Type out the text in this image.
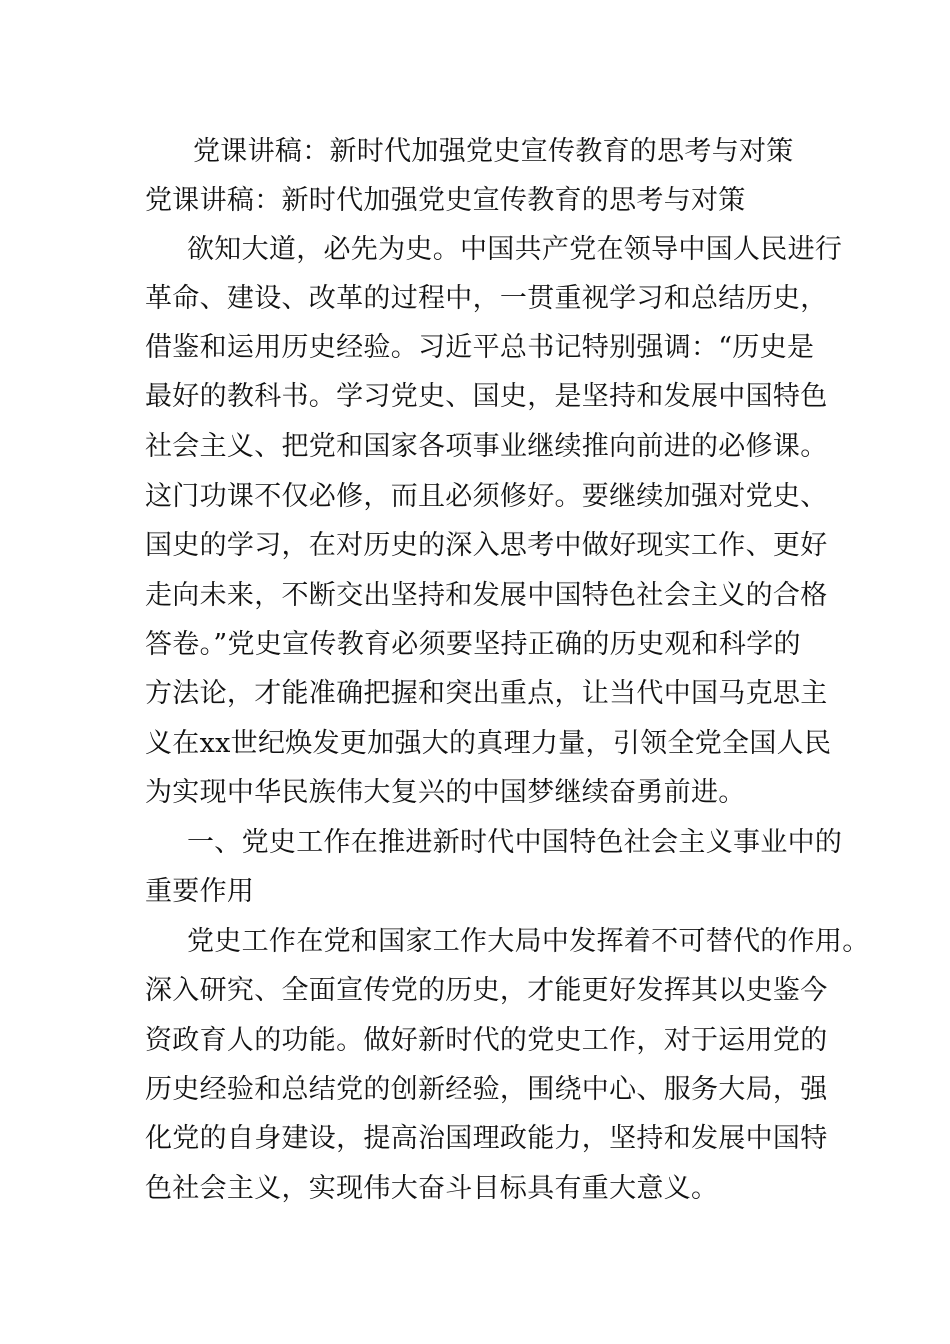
党课讲稿：新时代加强党史宣传教育的思考与对策
党课讲稿：新时代加强党史宣传教育的思考与对策
欲知大道，必先为史。中国共产党在领导中国人民进行
革命、建设、改革的过程中，一贯重视学习和总结历史，
借鉴和运用历史经验。习近平总书记特别强调：“历史是
最好的教科书。学习党史、国史，是坚持和发展中国特色
社会主义、把党和国家各项事业继续推向前进的必修课。
这门功课不仅必修，而且必须修好。要继续加强对党史、
国史的学习，在对历史的深入思考中做好现实工作、更好
走向未来，不断交出坚持和发展中国特色社会主义的合格
答卷。”党史宣传教育必须要坚持正确的历史观和科学的
方法论，才能准确把握和突出重点，让当代中国马克思主
义在xx世纪焕发更加强大的真理力量，引领全党全国人民
为实现中华民族伟大复兴的中国梦继续奋勇前进。
一、党史工作在推进新时代中国特色社会主义事业中的
重要作用
党史工作在党和国家工作大局中发挥着不可替代的作用。
深入研究、全面宣传党的历史，才能更好发挥其以史鉴今
资政育人的功能。做好新时代的党史工作，对于运用党的
历史经验和总结党的创新经验，围绕中心、服务大局，强
化党的自身建设，提高治国理政能力，坚持和发展中国特
色社会主义，实现伟大奋斗目标具有重大意义。
